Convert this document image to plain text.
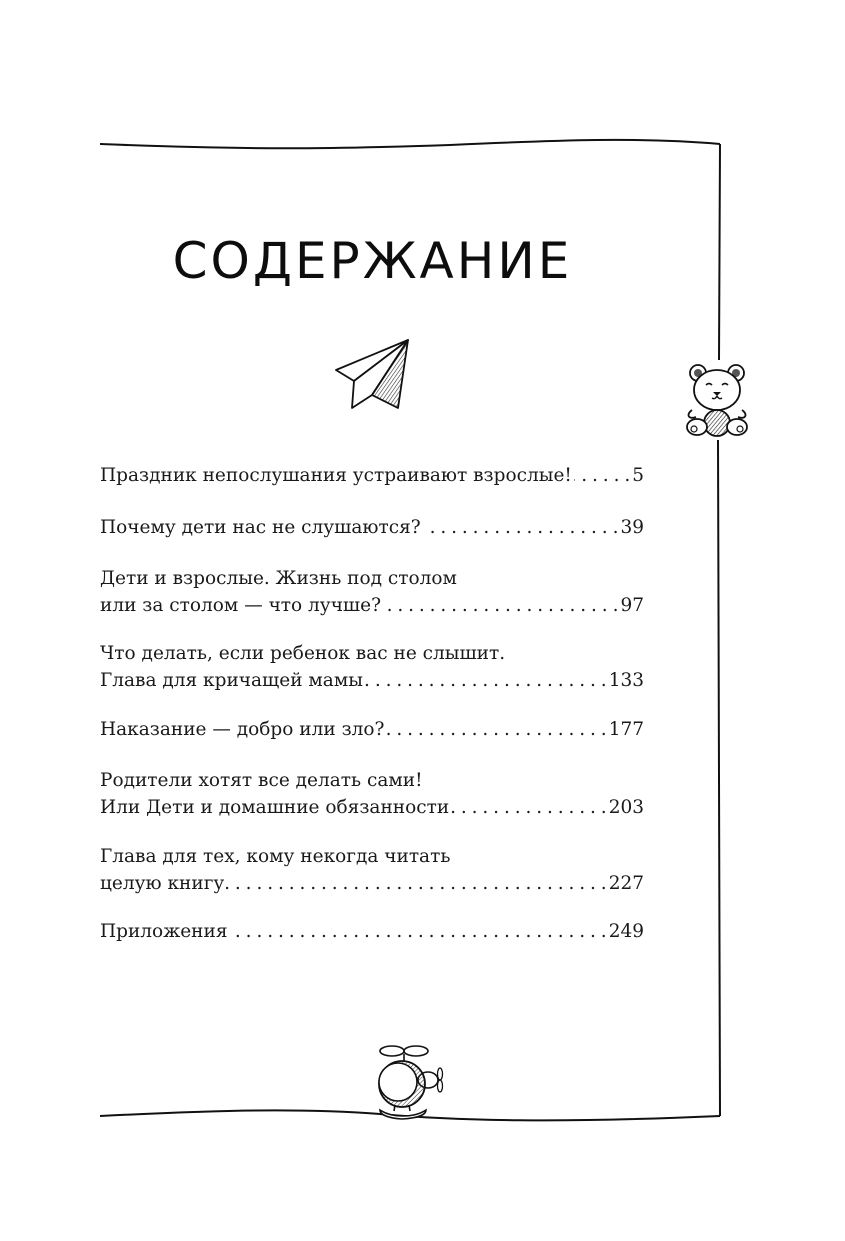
СОДЕРЖАНИЕ
Праздник непослушания устраивают взрослые! . . .	5
Почему дети нас не слушаются? . . .	39
Дети и взрослые. Жизнь под столом
или за столом — что лучше? . . .	97
Что делать, если ребенок вас не слышит.
Глава для кричащей мамы . . .	133
Наказание — добро или зло? . . .	177
Родители хотят все делать сами!
Или Дети и домашние обязанности . . .	203
Глава для тех, кому некогда читать
целую книгу . . .	227
Приложения . . .	249
